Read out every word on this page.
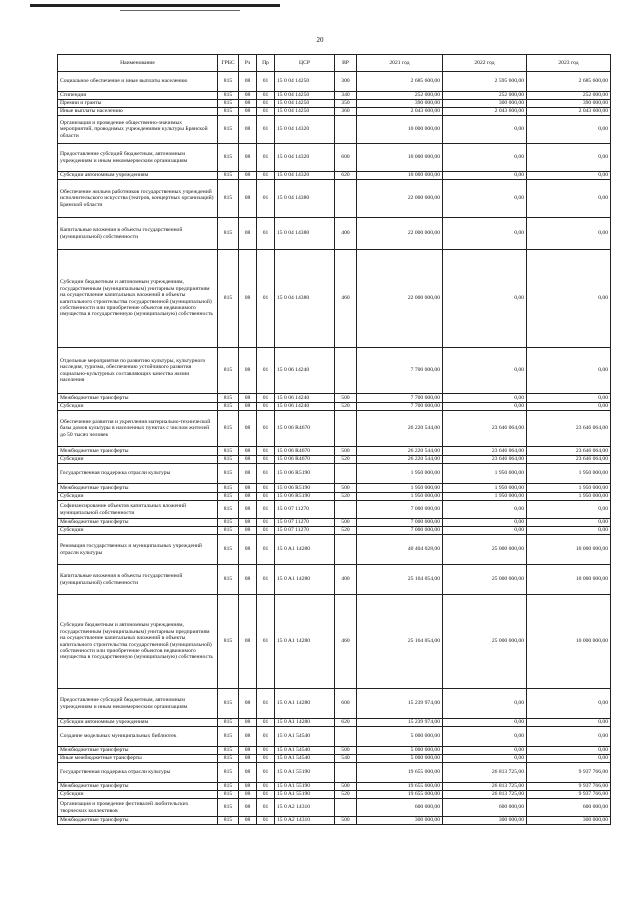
20
Наименование	ГРБС	Рз	Пр	ЦСР	ВР	2021 год	2022 год	2023 год
Социальное обеспечение и иные выплаты населению	815	08	01	15 0 04 14250	300	2 685 600,00	2 595 600,00	2 685 600,00
Стипендии	815	08	01	15 0 04 14250	340	252 000,00	252 000,00	252 000,00
Премии и гранты	815	08	01	15 0 04 14250	350	390 000,00	300 000,00	390 000,00
Иные выплаты населению	815	08	01	15 0 04 14250	360	2 043 600,00	2 043 600,00	2 043 600,00
Организация и проведение общественно-значимых мероприятий, проводимых учреждениями культуры Брянской области	815	08	01	15 0 04 14320		10 000 000,00	0,00	0,00
Предоставление субсидий бюджетным, автономным учреждениям и иным некоммерческим организациям	815	08	01	15 0 04 14320	600	10 000 000,00	0,00	0,00
Субсидии автономным учреждениям	815	08	01	15 0 04 14320	620	10 000 000,00	0,00	0,00
Обеспечение жильем работников государственных учреждений исполнительского искусства (театров, концертных организаций) Брянской области	815	08	01	15 0 04 14380		22 000 000,00	0,00	0,00
Капитальные вложения в объекты государственной (муниципальной) собственности	815	08	01	15 0 04 14380	400	22 000 000,00	0,00	0,00
Субсидии бюджетным и автономным учреждениям, государственным (муниципальным) унитарным предприятиям на осуществление капитальных вложений в объекты капитального строительства государственной (муниципальной) собственности или приобретение объектов недвижимого имущества в государственную (муниципальную) собственность	815	08	01	15 0 04 14380	460	22 000 000,00	0,00	0,00
Отдельные мероприятия по развитию культуры, культурного наследия, туризма, обеспечению устойчивого развития социально-культурных составляющих качества жизни населения	815	08	01	15 0 06 14240		7 700 000,00	0,00	0,00
Межбюджетные трансферты	815	08	01	15 0 06 14240	500	7 700 000,00	0,00	0,00
Субсидии	815	08	01	15 0 06 14240	520	7 700 000,00	0,00	0,00
Обеспечение развития и укрепления материально-технической базы домов культуры в населенных пунктах с числом жителей до 50 тысяч человек	815	08	01	15 0 06 R4670		26 220 544,00	23 646 064,00	23 646 064,00
Межбюджетные трансферты	815	08	01	15 0 06 R4670	500	26 220 544,00	23 646 064,00	23 646 064,00
Субсидии	815	08	01	15 0 06 R4670	520	26 220 544,00	23 646 064,00	23 646 064,00
Государственная поддержка отрасли культуры	815	08	01	15 0 06 R5190		1 950 000,00	1 950 000,00	1 950 000,00
Межбюджетные трансферты	815	08	01	15 0 06 R5190	500	1 950 000,00	1 950 000,00	1 950 000,00
Субсидии	815	08	01	15 0 06 R5190	520	1 950 000,00	1 950 000,00	1 950 000,00
Софинансирование объектов капитальных вложений муниципальной собственности	815	08	01	15 0 07 11270		7 000 000,00	0,00	0,00
Межбюджетные трансферты	815	08	01	15 0 07 11270	500	7 000 000,00	0,00	0,00
Субсидии	815	08	01	15 0 07 11270	520	7 000 000,00	0,00	0,00
Реновация государственных и муниципальных учреждений отрасли культуры	815	08	01	15 0 A1 14280		40 404 028,00	25 000 000,00	10 000 000,00
Капитальные вложения в объекты государственной (муниципальной) собственности	815	08	01	15 0 A1 14280	400	25 164 054,00	25 000 000,00	10 000 000,00
Субсидии бюджетным и автономным учреждениям, государственным (муниципальным) унитарным предприятиям на осуществление капитальных вложений в объекты капитального строительства государственной (муниципальной) собственности или приобретение объектов недвижимого имущества в государственную (муниципальную) собственность	815	08	01	15 0 A1 14280	460	25 164 054,00	25 000 000,00	10 000 000,00
Предоставление субсидий бюджетным, автономным учреждениям и иным некоммерческим организациям	815	08	01	15 0 A1 14280	600	15 239 974,00	0,00	0,00
Субсидии автономным учреждениям	815	08	01	15 0 A1 14280	620	15 239 974,00	0,00	0,00
Создание модельных муниципальных библиотек	815	08	01	15 0 A1 54540		5 000 000,00	0,00	0,00
Межбюджетные трансферты	815	08	01	15 0 A1 54540	500	5 000 000,00	0,00	0,00
Иные межбюджетные трансферты	815	08	01	15 0 A1 54540	540	5 000 000,00	0,00	0,00
Государственная поддержка отрасли культуры	815	08	01	15 0 A1 55190		19 655 000,00	26 813 725,00	9 937 766,00
Межбюджетные трансферты	815	08	01	15 0 A1 55190	500	19 655 000,00	26 813 725,00	9 937 766,00
Субсидии	815	08	01	15 0 A1 55190	520	19 655 000,00	26 813 725,00	9 937 766,00
Организация и проведение фестивалей любительских творческих коллективов	815	08	01	15 0 A2 14310		600 000,00	600 000,00	600 000,00
Межбюджетные трансферты	815	08	01	15 0 A2 14310	500	300 000,00	300 000,00	300 000,00
